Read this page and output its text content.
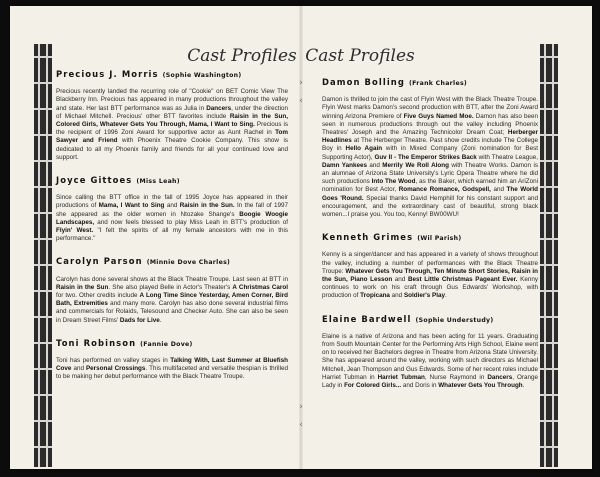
›
‹
›
‹
Cast Profiles Cast Profiles
Precious J. Morris (Sophie Washington)

Precious recently landed the recurring role of "Cookie" on BET Comic View The Blackberry Inn. Precious has appeared in many productions throughout the valley and state. Her last BTT performance was as Julia in Dancers, under the direction of Michael Mitchell. Precious' other BTT favorites include Raisin in the Sun, Colored Girls, Whatever Gets You Through, Mama, I Want to Sing. Precious is the recipient of 1996 Zoni Award for supportive actor as Aunt Rachel in Tom Sawyer and Friend with Phoenix Theatre Cookie Company. This show is dedicated to all my Phoenix family and friends for all your continued love and support.

Joyce Gittoes (Miss Leah)

Since calling the BTT office in the fall of 1995 Joyce has appeared in their productions of Mama, I Want to Sing and Raisin in the Sun. In the fall of 1997 she appeared as the older women in Ntozake Shange's Boogie Woogie Landscapes, and now feels blessed to play Miss Leah in BTT's production of Flyin' West. "I felt the spirits of all my female ancestors with me in this performance."

Carolyn Parson (Minnie Dove Charles)

Carolyn has done several shows at the Black Theatre Troupe. Last seen at BTT in Raisin in the Sun. She also played Belle in Actor's Theater's A Christmas Carol for two. Other credits include A Long Time Since Yesterday, Amen Corner, Bird Bath, Extremities and many more. Carolyn has also done several industrial films and commercials for Rolaids, Telesound and Checker Auto. She can also be seen in Dream Street Films' Dads for Live.

Toni Robinson (Fannie Dove)

Toni has performed on valley stages in Talking With, Last Summer at Bluefish Cove and Personal Crossings. This multifaceted and versatile thespian is thrilled to be making her debut performance with the Black Theatre Troupe.

Damon Bolling (Frank Charles)

Damon is thrilled to join the cast of Flyin West with the Black Theatre Troupe. Flyin West marks Damon's second production with BTT, after the Zoni Award winning Arizona Premiere of Five Guys Named Moe. Damon has also been seen in numerous productions through out the valley including Phoenix Theatres' Joseph and the Amazing Technicolor Dream Coat; Herberger Headlines at The Herberger Theatre. Past show credits include The College Boy in Hello Again with in Mixed Company (Zoni nomination for Best Supporting Actor), Guv II - The Emperor Strikes Back with Theatre League, Damn Yankees and Merrily We Roll Along with Theatre Works. Damon is an alumnae of Arizona State University's Lyric Opera Theatre where he did such productions Into The Wood, as the Baker, which earned him an AriZoni nomination for Best Actor, Romance Romance, Godspell, and The World Goes 'Round. Special thanks David Hemphill for his constant support and encouragement, and the extraordinary cast of beautiful, strong black women...I praise you. You too, Kenny! BW00WU!

Kenneth Grimes (Wil Parish)

Kenny is a singer/dancer and has appeared in a variety of shows throughout the valley, including a number of performances with the Black Theatre Troupe: Whatever Gets You Through, Ten Minute Short Stories, Raisin in the Sun, Piano Lesson and Best Little Christmas Pageant Ever. Kenny continues to work on his craft through Gus Edwards' Workshop, with production of Tropicana and Soldier's Play.

Elaine Bardwell (Sophie Understudy)

Elaine is a native of Arizona and has been acting for 11 years. Graduating from South Mountain Center for the Performing Arts High School, Elaine went on to received her Bachelors degree in Theatre from Arizona State University. She has appeared around the valley, working with such directors as Michael Mitchell, Jean Thompson and Gus Edwards. Some of her recent roles include Harriet Tubman in Harriet Tubman, Nurse Raymond in Dancers, Orange Lady in For Colored Girls... and Doris in Whatever Gets You Through.
